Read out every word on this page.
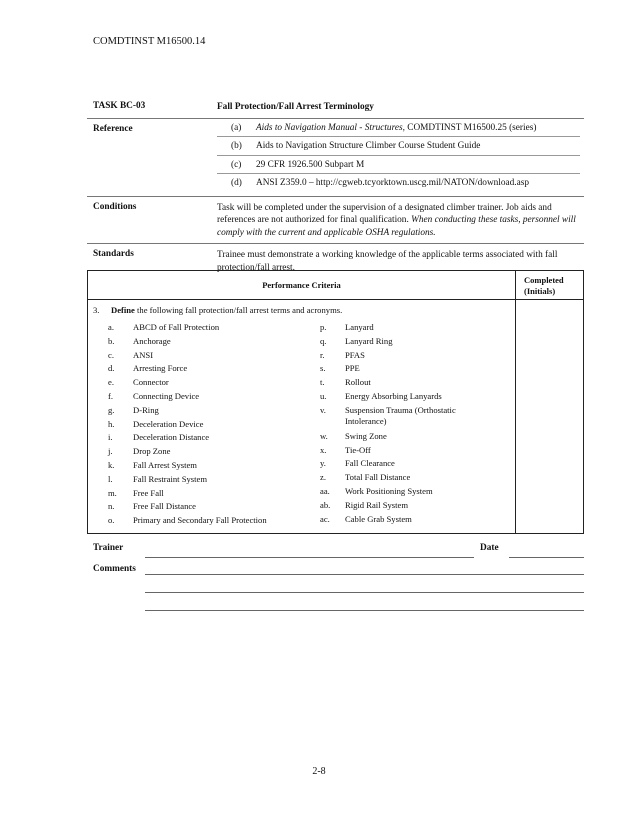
COMDTINST M16500.14
TASK BC-03	Fall Protection/Fall Arrest Terminology
Reference	(a)	Aids to Navigation Manual - Structures, COMDTINST M16500.25 (series)
(b)	Aids to Navigation Structure Climber Course Student Guide
(c)	29 CFR 1926.500 Subpart M
(d)	ANSI Z359.0 – http://cgweb.tcyorktown.uscg.mil/NATON/download.asp
Conditions	Task will be completed under the supervision of a designated climber trainer. Job aids and references are not authorized for final qualification. When conducting these tasks, personnel will comply with the current and applicable OSHA regulations.
Standards	Trainee must demonstrate a working knowledge of the applicable terms associated with fall protection/fall arrest.
Performance Criteria	Completed
(Initials)
3. Define the following fall protection/fall arrest terms and acronyms.
a.	ABCD of Fall Protection
b.	Anchorage
c.	ANSI
d.	Arresting Force
e.	Connector
f.	Connecting Device
g.	D-Ring
h.	Deceleration Device
i.	Deceleration Distance
j.	Drop Zone
k.	Fall Arrest System
l.	Fall Restraint System
m.	Free Fall
n.	Free Fall Distance
o.	Primary and Secondary Fall Protection
p.	Lanyard
q.	Lanyard Ring
r.	PFAS
s.	PPE
t.	Rollout
u.	Energy Absorbing Lanyards
v.	Suspension Trauma (Orthostatic Intolerance)
w.	Swing Zone
x.	Tie-Off
y.	Fall Clearance
z.	Total Fall Distance
aa.	Work Positioning System
ab.	Rigid Rail System
ac.	Cable Grab System
Trainer	Date
Comments
2-8
